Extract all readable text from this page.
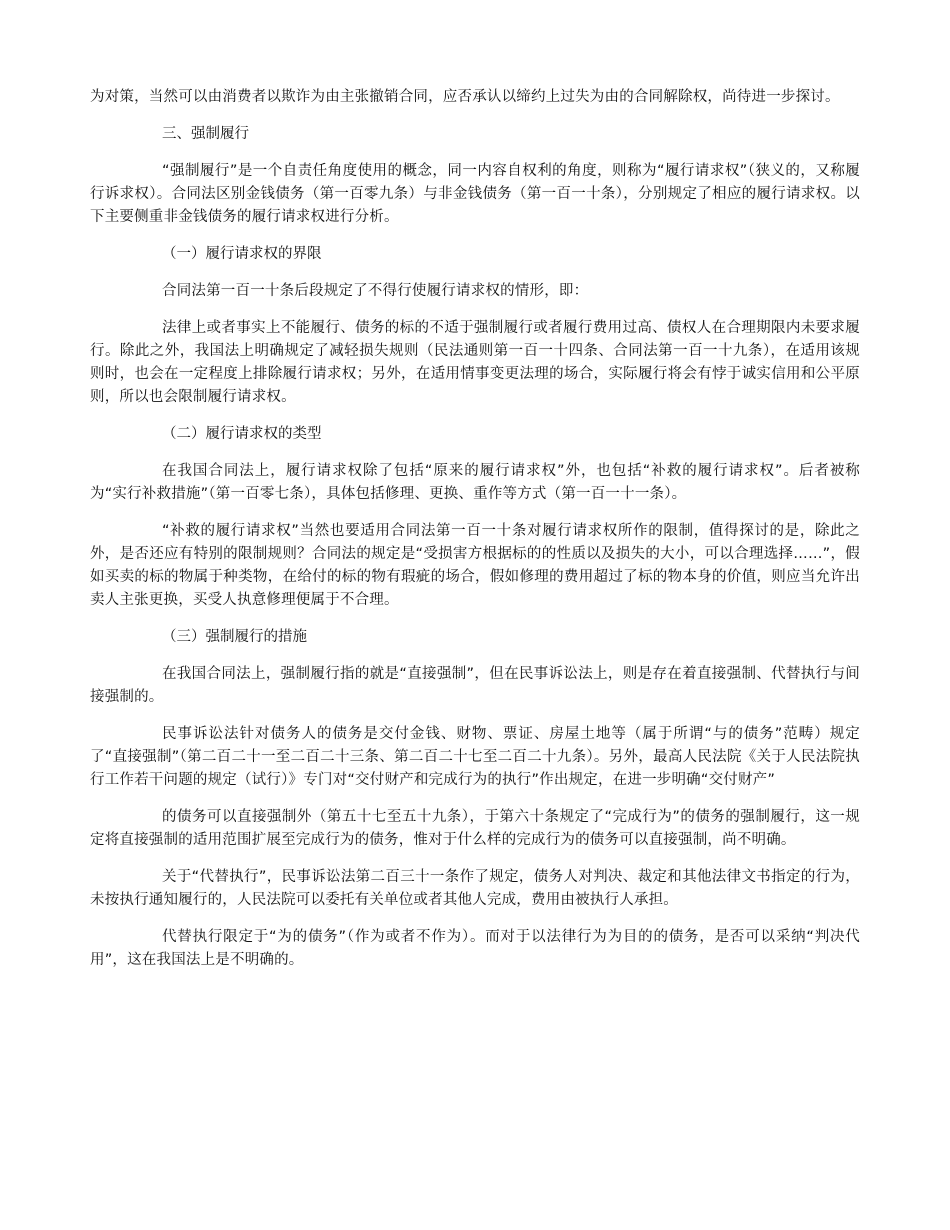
为对策，当然可以由消费者以欺诈为由主张撤销合同，应否承认以缔约上过失为由的合同解除权，尚待进一步探讨。

三、强制履行

“强制履行”是一个自责任角度使用的概念，同一内容自权利的角度，则称为“履行请求权”（狭义的，又称履行诉求权）。合同法区别金钱债务（第一百零九条）与非金钱债务（第一百一十条），分别规定了相应的履行请求权。以下主要侧重非金钱债务的履行请求权进行分析。

（一）履行请求权的界限

合同法第一百一十条后段规定了不得行使履行请求权的情形，即：

法律上或者事实上不能履行、债务的标的不适于强制履行或者履行费用过高、债权人在合理期限内未要求履行。除此之外，我国法上明确规定了减轻损失规则（民法通则第一百一十四条、合同法第一百一十九条），在适用该规则时，也会在一定程度上排除履行请求权；另外，在适用情事变更法理的场合，实际履行将会有悖于诚实信用和公平原则，所以也会限制履行请求权。

（二）履行请求权的类型

在我国合同法上，履行请求权除了包括“原来的履行请求权”外，也包括“补救的履行请求权”。后者被称为“实行补救措施”（第一百零七条），具体包括修理、更换、重作等方式（第一百一十一条）。

“补救的履行请求权”当然也要适用合同法第一百一十条对履行请求权所作的限制，值得探讨的是，除此之外，是否还应有特别的限制规则？合同法的规定是“受损害方根据标的的性质以及损失的大小，可以合理选择……”，假如买卖的标的物属于种类物，在给付的标的物有瑕疵的场合，假如修理的费用超过了标的物本身的价值，则应当允许出卖人主张更换，买受人执意修理便属于不合理。

（三）强制履行的措施

在我国合同法上，强制履行指的就是“直接强制”，但在民事诉讼法上，则是存在着直接强制、代替执行与间接强制的。

民事诉讼法针对债务人的债务是交付金钱、财物、票证、房屋土地等（属于所谓“与的债务”范畴）规定了“直接强制”（第二百二十一至二百二十三条、第二百二十七至二百二十九条）。另外，最高人民法院《关于人民法院执行工作若干问题的规定（试行）》专门对“交付财产和完成行为的执行”作出规定，在进一步明确“交付财产”

的债务可以直接强制外（第五十七至五十九条），于第六十条规定了“完成行为”的债务的强制履行，这一规定将直接强制的适用范围扩展至完成行为的债务，惟对于什么样的完成行为的债务可以直接强制，尚不明确。

关于“代替执行”，民事诉讼法第二百三十一条作了规定，债务人对判决、裁定和其他法律文书指定的行为，未按执行通知履行的，人民法院可以委托有关单位或者其他人完成，费用由被执行人承担。

代替执行限定于“为的债务”（作为或者不作为）。而对于以法律行为为目的的债务，是否可以采纳“判决代用”，这在我国法上是不明确的。
